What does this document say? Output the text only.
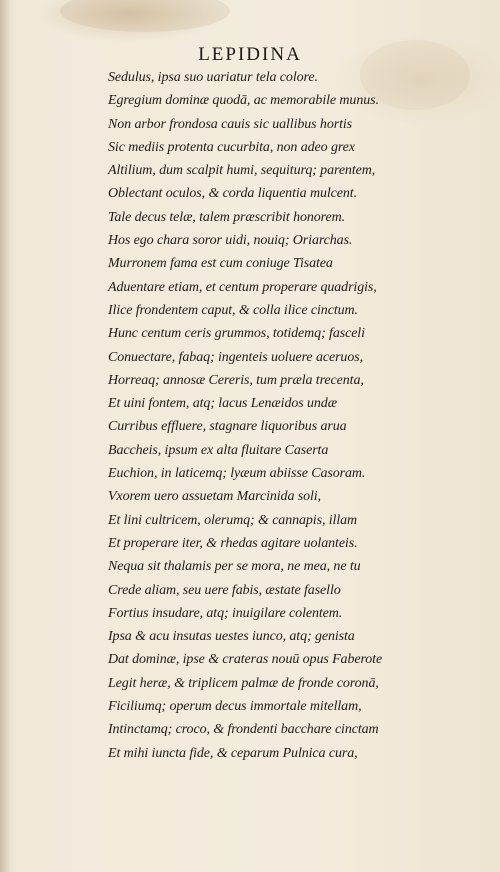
LEPIDINA
Sedulus, ipsa suo uariatur tela colore.
Egregium dominæ quodā, ac memorabile munus.
Non arbor frondosa cauis sic uallibus hortis
Sic mediis protenta cucurbita, non adeo grex
Altilium, dum scalpit humi, sequiturq; parentem,
Oblectant oculos, & corda liquentia mulcent.
Tale decus telæ, talem præscribit honorem.
Hos ego chara soror uidi, nouiq; Oriarchas.
Murronem fama est cum coniuge Tisatea
Aduentare etiam, et centum properare quadrigis,
Ilice frondentem caput, & colla ilice cinctum.
Hunc centum ceris grummos, totidemq; fasceli
Conuectare, fabaq; ingenteis uoluere aceruos,
Horreaq; annosæ Cereris, tum præla trecenta,
Et uini fontem, atq; lacus Lenæidos undæ
Curribus effluere, stagnare liquoribus arua
Baccheis, ipsum ex alta fluitare Caserta
Euchion, in laticemq; lyæum abiisse Casoram.
Vxorem uero assuetam Marcinida soli,
Et lini cultricem, olerumq; & cannapis, illam
Et properare iter, & rhedas agitare uolanteis.
Nequa sit thalamis per se mora, ne mea, ne tu
Crede aliam, seu uere fabis, æstate fasello
Fortius insudare, atq; inuigilare colentem.
Ipsa & acu insutas uestes iunco, atq; genista
Dat dominæ, ipse & crateras nouū opus Faberote
Legit heræ, & triplicem palmæ de fronde coronā,
Ficiliumq; operum decus immortale mitellam,
Intinctamq; croco, & frondenti bacchare cinctam
Et mihi iuncta fide, & ceparum Pulnica cura,
